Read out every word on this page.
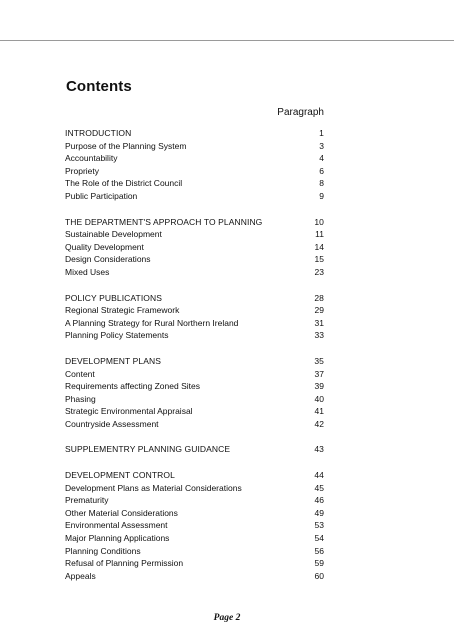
Contents
Paragraph
INTRODUCTION	1
Purpose of the Planning System	3
Accountability	4
Propriety	6
The Role of the District Council	8
Public Participation	9
THE DEPARTMENT'S APPROACH TO PLANNING	10
Sustainable Development	11
Quality Development	14
Design Considerations	15
Mixed Uses	23
POLICY PUBLICATIONS	28
Regional Strategic Framework	29
A Planning Strategy for Rural Northern Ireland	31
Planning Policy Statements	33
DEVELOPMENT PLANS	35
Content	37
Requirements affecting Zoned Sites	39
Phasing	40
Strategic Environmental Appraisal	41
Countryside Assessment	42
SUPPLEMENTRY PLANNING GUIDANCE	43
DEVELOPMENT CONTROL	44
Development Plans as Material Considerations	45
Prematurity	46
Other Material Considerations	49
Environmental Assessment	53
Major Planning Applications	54
Planning Conditions	56
Refusal of Planning Permission	59
Appeals	60
Page 2
